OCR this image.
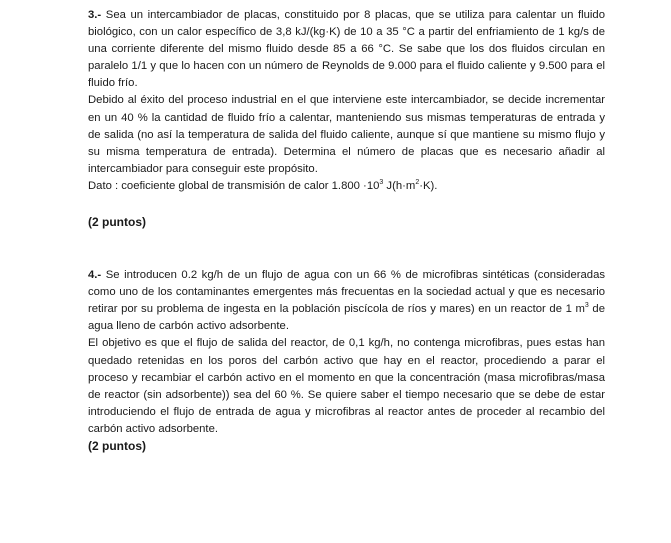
3.- Sea un intercambiador de placas, constituido por 8 placas, que se utiliza para calentar un fluido biológico, con un calor específico de 3,8 kJ/(kg·K) de 10 a 35 °C a partir del enfriamiento de 1 kg/s de una corriente diferente del mismo fluido desde 85 a 66 °C. Se sabe que los dos fluidos circulan en paralelo 1/1 y que lo hacen con un número de Reynolds de 9.000 para el fluido caliente y 9.500 para el fluido frío.

Debido al éxito del proceso industrial en el que interviene este intercambiador, se decide incrementar en un 40 % la cantidad de fluido frío a calentar, manteniendo sus mismas temperaturas de entrada y de salida (no así la temperatura de salida del fluido caliente, aunque sí que mantiene su mismo flujo y su misma temperatura de entrada). Determina el número de placas que es necesario añadir al intercambiador para conseguir este propósito.

Dato : coeficiente global de transmisión de calor $1.800 \cdot 10^3$ $J(h\cdot m^2\cdot K)$.

(2 puntos)

4.- Se introducen 0.2 kg/h de un flujo de agua con un 66 % de microfibras sintéticas (consideradas como uno de los contaminantes emergentes más frecuentas en la sociedad actual y que es necesario retirar por su problema de ingesta en la población piscícola de ríos y mares) en un reactor de 1 $m^3$ de agua lleno de carbón activo adsorbente.

El objetivo es que el flujo de salida del reactor, de 0,1 kg/h, no contenga microfibras, pues estas han quedado retenidas en los poros del carbón activo que hay en el reactor, procediendo a parar el proceso y recambiar el carbón activo en el momento en que la concentración (masa microfibras/masa de reactor (sin adsorbente)) sea del 60 %. Se quiere saber el tiempo necesario que se debe de estar introduciendo el flujo de entrada de agua y microfibras al reactor antes de proceder al recambio del carbón activo adsorbente.

(2 puntos)
